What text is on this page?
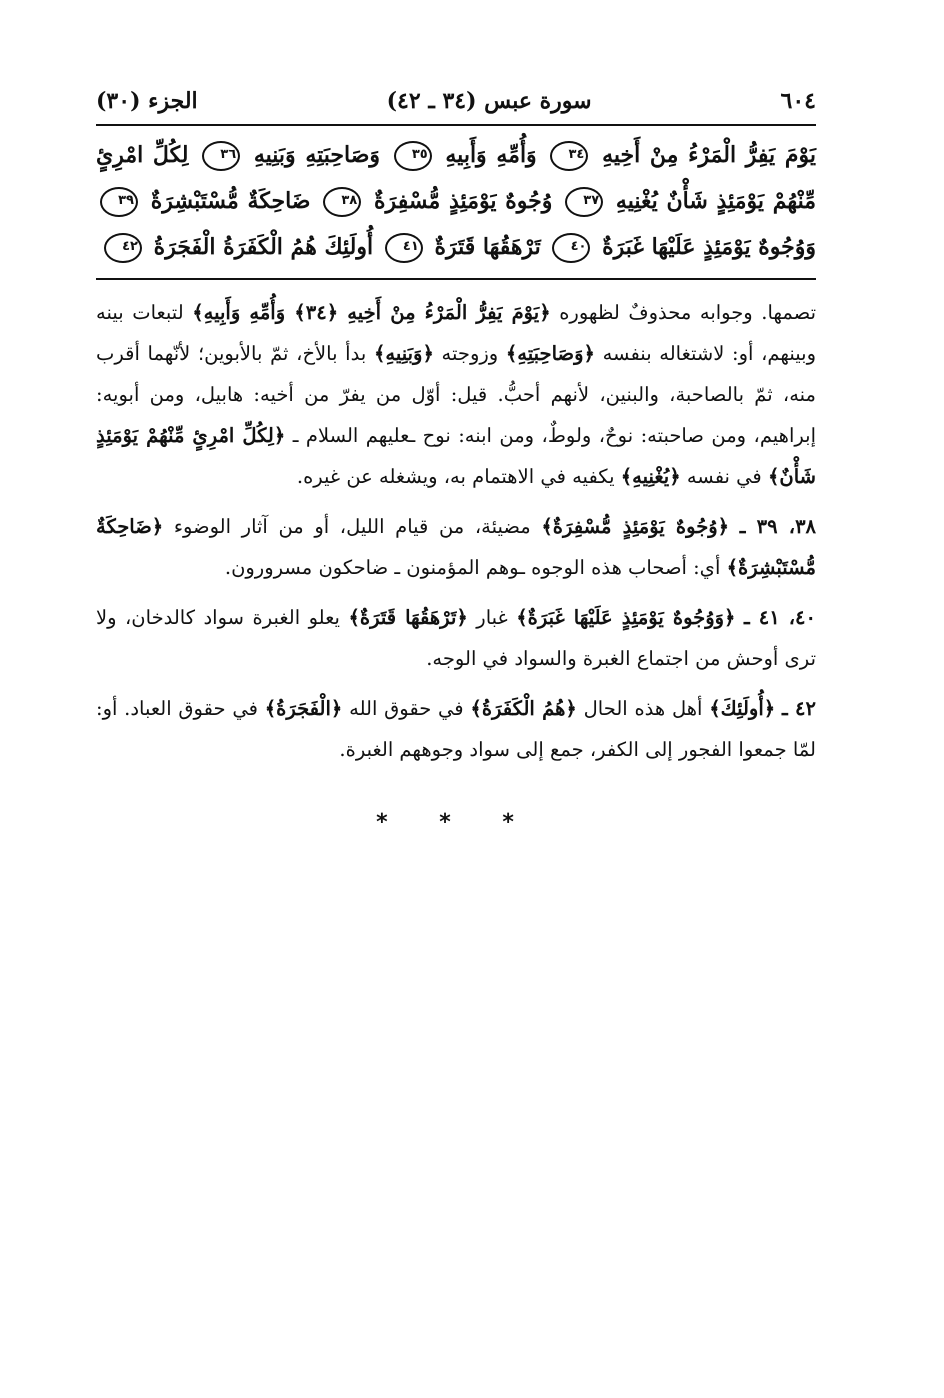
٦٠٤
سورة عبس (٣٤ ـ ٤٢)
الجزء (٣٠)
يَوْمَ يَفِرُّ الْمَرْءُ مِنْ أَخِيهِ ٣٤ وَأُمِّهِ وَأَبِيهِ ٣٥ وَصَاحِبَتِهِ وَبَنِيهِ ٣٦ لِكُلِّ امْرِئٍ مِّنْهُمْ يَوْمَئِذٍ شَأْنٌ يُغْنِيهِ ٣٧ وُجُوهٌ يَوْمَئِذٍ مُّسْفِرَةٌ ٣٨ ضَاحِكَةٌ مُّسْتَبْشِرَةٌ ٣٩ وَوُجُوهٌ يَوْمَئِذٍ عَلَيْهَا غَبَرَةٌ ٤٠ تَرْهَقُهَا قَتَرَةٌ ٤١ أُولَئِكَ هُمُ الْكَفَرَةُ الْفَجَرَةُ ٤٢

تصمها. وجوابه محذوفٌ لظهوره ﴿يَوْمَ يَفِرُّ الْمَرْءُ مِنْ أَخِيهِ ﴿٣٤﴾ وَأُمِّهِ وَأَبِيهِ﴾ لتبعات بينه وبينهم، أو: لاشتغاله بنفسه ﴿وَصَاحِبَتِهِ﴾ وزوجته ﴿وَبَنِيهِ﴾ بدأ بالأخ، ثمّ بالأبوين؛ لأنّهما أقرب منه، ثمّ بالصاحبة، والبنين، لأنهم أحبُّ. قيل: أوّل من يفرّ من أخيه: هابيل، ومن أبويه: إبراهيم، ومن صاحبته: نوحٌ، ولوطٌ، ومن ابنه: نوح ـعليهم السلام ـ ﴿لِكُلِّ امْرِئٍ مِّنْهُمْ يَوْمَئِذٍ شَأْنٌ﴾ في نفسه ﴿يُغْنِيهِ﴾ يكفيه في الاهتمام به، ويشغله عن غيره.

٣٨، ٣٩ ـ ﴿وُجُوهٌ يَوْمَئِذٍ مُّسْفِرَةٌ﴾ مضيئة، من قيام الليل، أو من آثار الوضوء ﴿ضَاحِكَةٌ مُّسْتَبْشِرَةٌ﴾ أي: أصحاب هذه الوجوه ـوهم المؤمنون ـ ضاحكون مسرورون.

٤٠، ٤١ ـ ﴿وَوُجُوهٌ يَوْمَئِذٍ عَلَيْهَا غَبَرَةٌ﴾ غبار ﴿تَرْهَقُهَا قَتَرَةٌ﴾ يعلو الغبرة سواد كالدخان، ولا ترى أوحش من اجتماع الغبرة والسواد في الوجه.

٤٢ ـ ﴿أُولَئِكَ﴾ أهل هذه الحال ﴿هُمُ الْكَفَرَةُ﴾ في حقوق الله ﴿الْفَجَرَةُ﴾ في حقوق العباد. أو: لمّا جمعوا الفجور إلى الكفر، جمع إلى سواد وجوههم الغبرة.

* * *
